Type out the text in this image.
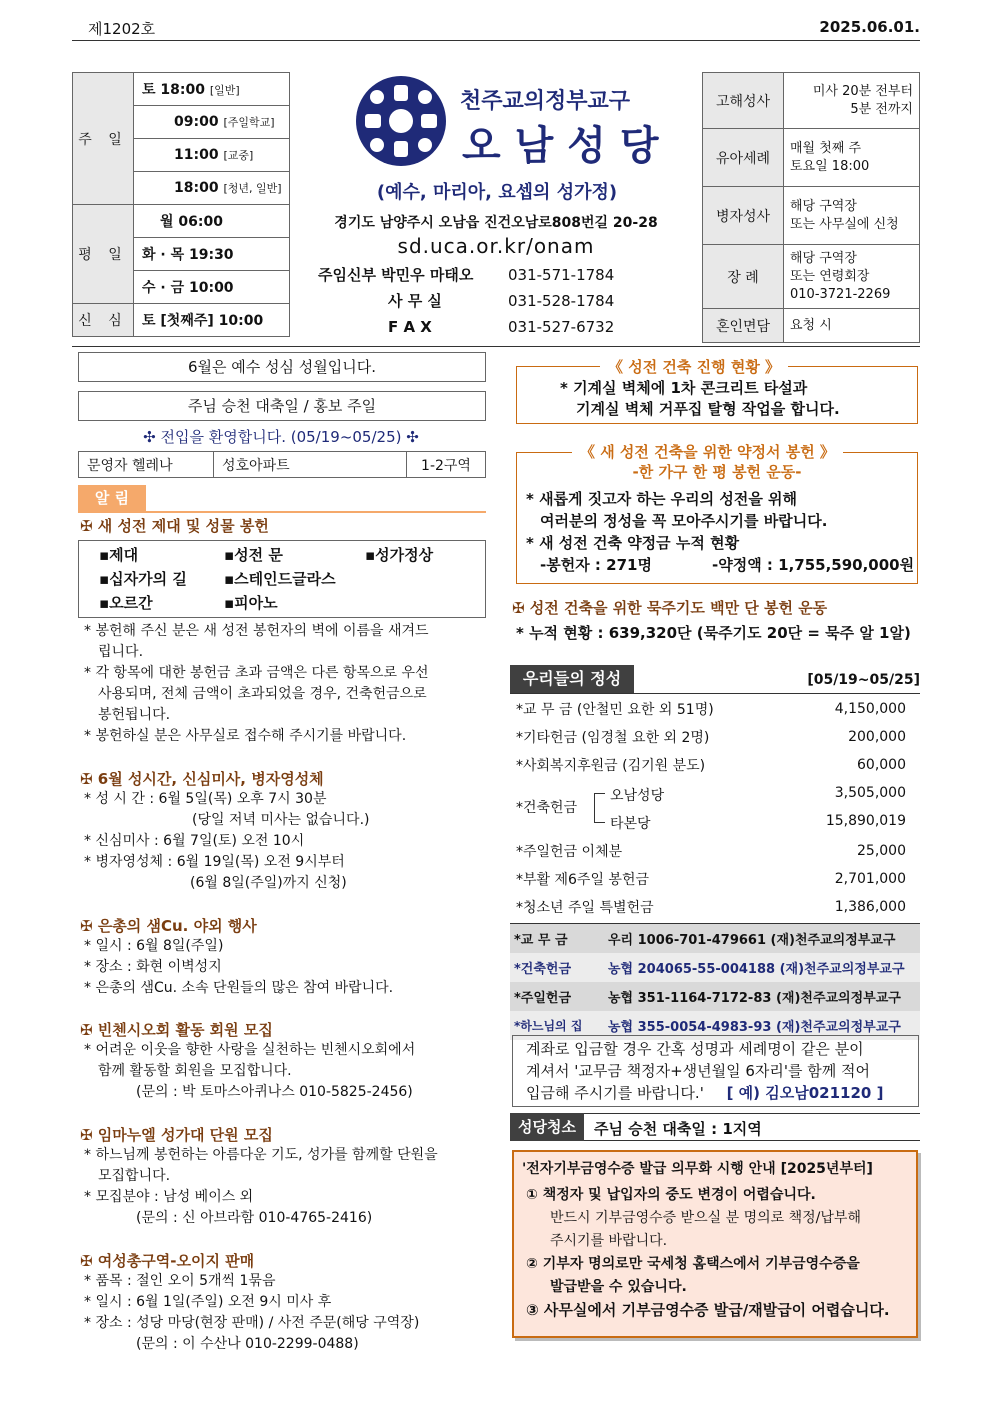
제1202호	2025.06.01.
주 일	토 18:00 [일반]
	09:00 [주일학교]
	11:00 [교중]
	18:00 [청년, 일반]
평 일	월 06:00
	화 · 목 19:30
	수 · 금 10:00
신 심	토 [첫째주] 10:00
천주교의정부교구
오남성당
(예수, 마리아, 요셉의 성가정)
경기도 남양주시 오남읍 진건오남로808번길 20-28
sd.uca.or.kr/onam
주임신부 박민우 마태오 031-571-1784
사 무 실	031-528-1784
F A X	031-527-6732
고해성사	미사 20분 전부터
5분 전까지

유아세례	매월 첫째 주
토요일 18:00

병자성사	해당 구역장
또는 사무실에 신청

장 례	해당 구역장
또는 연령회장
010-3721-2269

혼인면담	요청 시
6월은 예수 성심 성월입니다.
주님 승천 대축일 / 홍보 주일
✣ 전입을 환영합니다. (05/19~05/25) ✣
문영자 헬레나	성호아파트	1-2구역
알 림
✠ 새 성전 제대 및 성물 봉헌
▪제대	▪성전 문	▪성가정상
▪십자가의 길 ▪스테인드글라스
▪오르간	▪피아노
* 봉헌해 주신 분은 새 성전 봉헌자의 벽에 이름을 새겨드
립니다.
* 각 항목에 대한 봉헌금 초과 금액은 다른 항목으로 우선
사용되며, 전체 금액이 초과되었을 경우, 건축헌금으로
봉헌됩니다.
* 봉헌하실 분은 사무실로 접수해 주시기를 바랍니다.
✠ 6월 성시간, 신심미사, 병자영성체
* 성 시 간 : 6월 5일(목) 오후 7시 30분
(당일 저녁 미사는 없습니다.)
* 신심미사 : 6월 7일(토) 오전 10시
* 병자영성체 : 6월 19일(목) 오전 9시부터
(6월 8일(주일)까지 신청)
✠ 은총의 샘Cu. 야외 행사
* 일시 : 6월 8일(주일)
* 장소 : 화현 이벽성지
* 은총의 샘Cu. 소속 단원들의 많은 참여 바랍니다.
✠ 빈첸시오회 활동 회원 모집
* 어려운 이웃을 향한 사랑을 실천하는 빈첸시오회에서
함께 활동할 회원을 모집합니다.
(문의 : 박 토마스아퀴나스 010-5825-2456)
✠ 임마누엘 성가대 단원 모집
* 하느님께 봉헌하는 아름다운 기도, 성가를 함께할 단원을
모집합니다.
* 모집분야 : 남성 베이스 외
(문의 : 신 아브라함 010-4765-2416)
✠ 여성총구역-오이지 판매
* 품목 : 절인 오이 5개씩 1묶음
* 일시 : 6월 1일(주일) 오전 9시 미사 후
* 장소 : 성당 마당(현장 판매) / 사전 주문(해당 구역장)
(문의 : 이 수산나 010-2299-0488)
《 성전 건축 진행 현황 》
* 기계실 벽체에 1차 콘크리트 타설과
기계실 벽체 거푸집 탈형 작업을 합니다.
《 새 성전 건축을 위한 약정서 봉헌 》
-한 가구 한 평 봉헌 운동-
* 새롭게 짓고자 하는 우리의 성전을 위해
여러분의 정성을 꼭 모아주시기를 바랍니다.
* 새 성전 건축 약정금 누적 현황
-봉헌자 : 271명	-약정액 : 1,755,590,000원
✠ 성전 건축을 위한 묵주기도 백만 단 봉헌 운동
* 누적 현황 : 639,320단 (묵주기도 20단 = 묵주 알 1알)
우리들의 정성	[05/19~05/25]
*교 무 금 (안철민 요한 외 51명)	4,150,000
*기타헌금 (임경철 요한 외 2명)	200,000
*사회복지후원금 (김기원 분도)	60,000
*건축헌금
오남성당	3,505,000
타본당	15,890,019
*주일헌금 이체분	25,000
*부활 제6주일 봉헌금	2,701,000
*청소년 주일 특별헌금	1,386,000
*교 무 금	우리 1006-701-479661 (재)천주교의정부교구
*건축헌금	농협 204065-55-004188 (재)천주교의정부교구
*주일헌금	농협 351-1164-7172-83 (재)천주교의정부교구
*하느님의 집	농협 355-0054-4983-93 (재)천주교의정부교구
계좌로 입금할 경우 간혹 성명과 세례명이 같은 분이
계셔서 '교무금 책정자+생년월일 6자리'를 함께 적어
입금해 주시기를 바랍니다.' [ 예) 김오남021120 ]
성당청소	주님 승천 대축일 : 1지역
'전자기부금영수증 발급 의무화 시행 안내 [2025년부터]
① 책정자 및 납입자의 중도 변경이 어렵습니다.
반드시 기부금영수증 받으실 분 명의로 책정/납부해
주시기를 바랍니다.
② 기부자 명의로만 국세청 홈택스에서 기부금영수증을
발급받을 수 있습니다.
③ 사무실에서 기부금영수증 발급/재발급이 어렵습니다.
